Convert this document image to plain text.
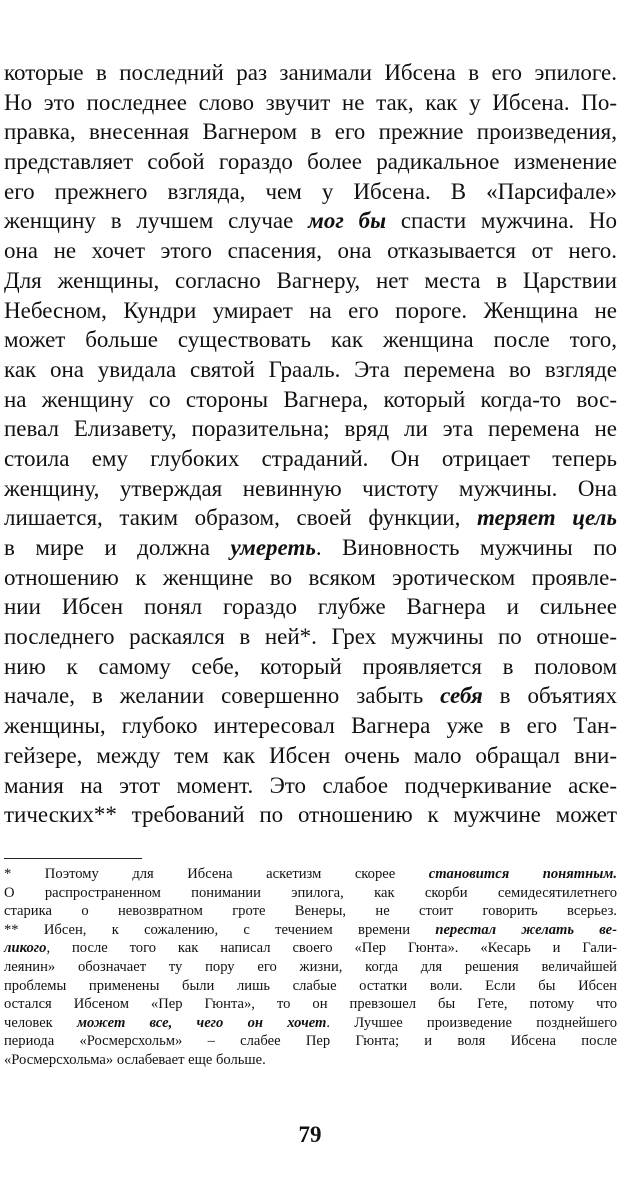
которые в последний раз занимали Ибсена в его эпилоге.
Но это последнее слово звучит не так, как у Ибсена. По-
правка, внесенная Вагнером в его прежние произведения,
представляет собой гораздо более радикальное изменение
его прежнего взгляда, чем у Ибсена. В «Парсифале»
женщину в лучшем случае мог бы спасти мужчина. Но
она не хочет этого спасения, она отказывается от него.
Для женщины, согласно Вагнеру, нет места в Царствии
Небесном, Кундри умирает на его пороге. Женщина не
может больше существовать как женщина после того,
как она увидала святой Грааль. Эта перемена во взгляде
на женщину со стороны Вагнера, который когда-то вос-
певал Елизавету, поразительна; вряд ли эта перемена не
стоила ему глубоких страданий. Он отрицает теперь
женщину, утверждая невинную чистоту мужчины. Она
лишается, таким образом, своей функции, теряет цель
в мире и должна умереть. Виновность мужчины по
отношению к женщине во всяком эротическом проявле-
нии Ибсен понял гораздо глубже Вагнера и сильнее
последнего раскаялся в ней*. Грех мужчины по отноше-
нию к самому себе, который проявляется в половом
начале, в желании совершенно забыть себя в объятиях
женщины, глубоко интересовал Вагнера уже в его Тан-
гейзере, между тем как Ибсен очень мало обращал вни-
мания на этот момент. Это слабое подчеркивание аске-
тических** требований по отношению к мужчине может
* Поэтому для Ибсена аскетизм скорее становится понятным.
О распространенном понимании эпилога, как скорби семидесятилетнего
старика о невозвратном гроте Венеры, не стоит говорить всерьез.
** Ибсен, к сожалению, с течением времени перестал желать ве-
ликого, после того как написал своего «Пер Гюнта». «Кесарь и Гали-
леянин» обозначает ту пору его жизни, когда для решения величайшей
проблемы применены были лишь слабые остатки воли. Если бы Ибсен
остался Ибсеном «Пер Гюнта», то он превзошел бы Гете, потому что
человек может все, чего он хочет. Лучшее произведение позднейшего
периода «Росмерсхольм» – слабее Пер Гюнта; и воля Ибсена после
«Росмерсхольма» ослабевает еще больше.
79
